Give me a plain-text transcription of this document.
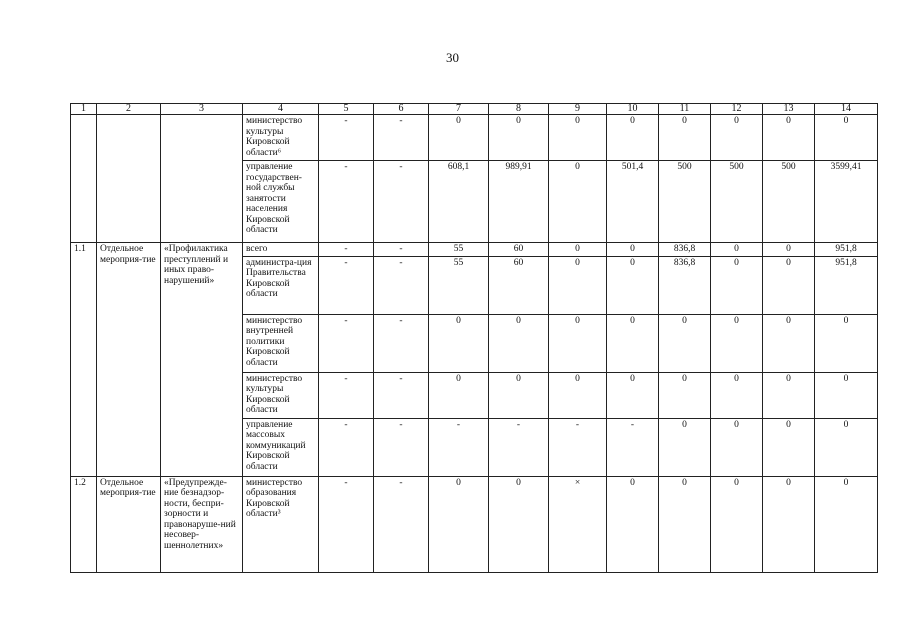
30
1	2	3	4	5	6	7	8	9	10	11	12	13	14
			министерство культуры Кировской области⁶	-	-	0	0	0	0	0	0	0	0
			управление государствен-ной службы занятости населения Кировской области	-	-	608,1	989,91	0	501,4	500	500	500	3599,41
1.1	Отдельное мероприя-тие	«Профилактика преступлений и иных право-нарушений»	всего	-	-	55	60	0	0	836,8	0	0	951,8
			администра-ция Правительства Кировской области	-	-	55	60	0	0	836,8	0	0	951,8
			министерство внутренней политики Кировской области	-	-	0	0	0	0	0	0	0	0
			министерство культуры Кировской области	-	-	0	0	0	0	0	0	0	0
			управление массовых коммуникаций Кировской области	-	-	-	-	-	-	0	0	0	0
1.2	Отдельное мероприя-тие	«Предупрежде-ние безнадзор-ности, беспри-зорности и правонаруше-ний несовер-шеннолетних»	министерство образования Кировской области³	-	-	0	0	×	0	0	0	0	0
